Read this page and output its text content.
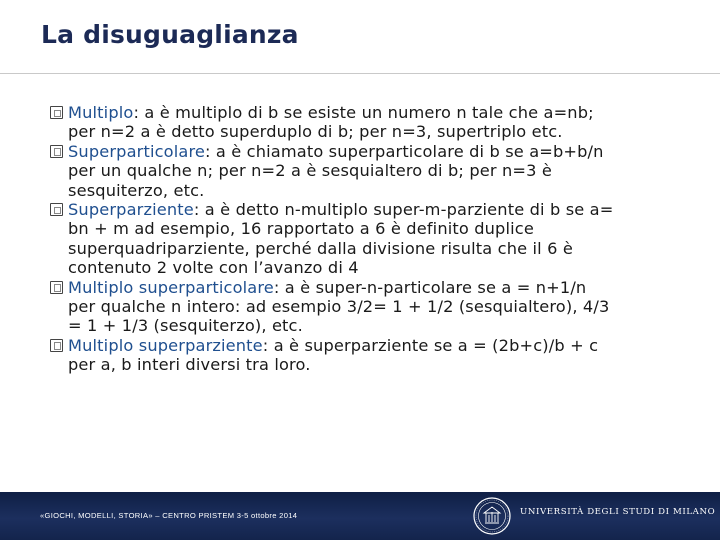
La disuguaglianza
Multiplo: a è multiplo di b se esiste un numero n tale che a=nb;
per n=2 a è detto superduplo di b; per n=3, supertriplo etc.
Superparticolare: a è chiamato superparticolare di b se a=b+b/n
per un qualche n; per n=2 a è sesquialtero di b; per n=3 è
sesquiterzo, etc.
Superparziente: a è detto n-multiplo super-m-parziente di b se a=
bn + m ad esempio, 16 rapportato a 6 è definito duplice
superquadriparziente, perché dalla divisione risulta che il 6 è
contenuto 2 volte con l’avanzo di 4
Multiplo superparticolare: a è super-n-particolare se a = n+1/n
per qualche n intero: ad esempio 3/2= 1 + 1/2 (sesquialtero), 4/3
= 1 + 1/3 (sesquiterzo), etc.
Multiplo superparziente: a è superparziente se a = (2b+c)/b + c
per a, b interi diversi tra loro.
«GIOCHI, MODELLI, STORIA» – CENTRO PRISTEM 3-5 ottobre 2014	UNIVERSITÀ DEGLI STUDI DI MILANO
